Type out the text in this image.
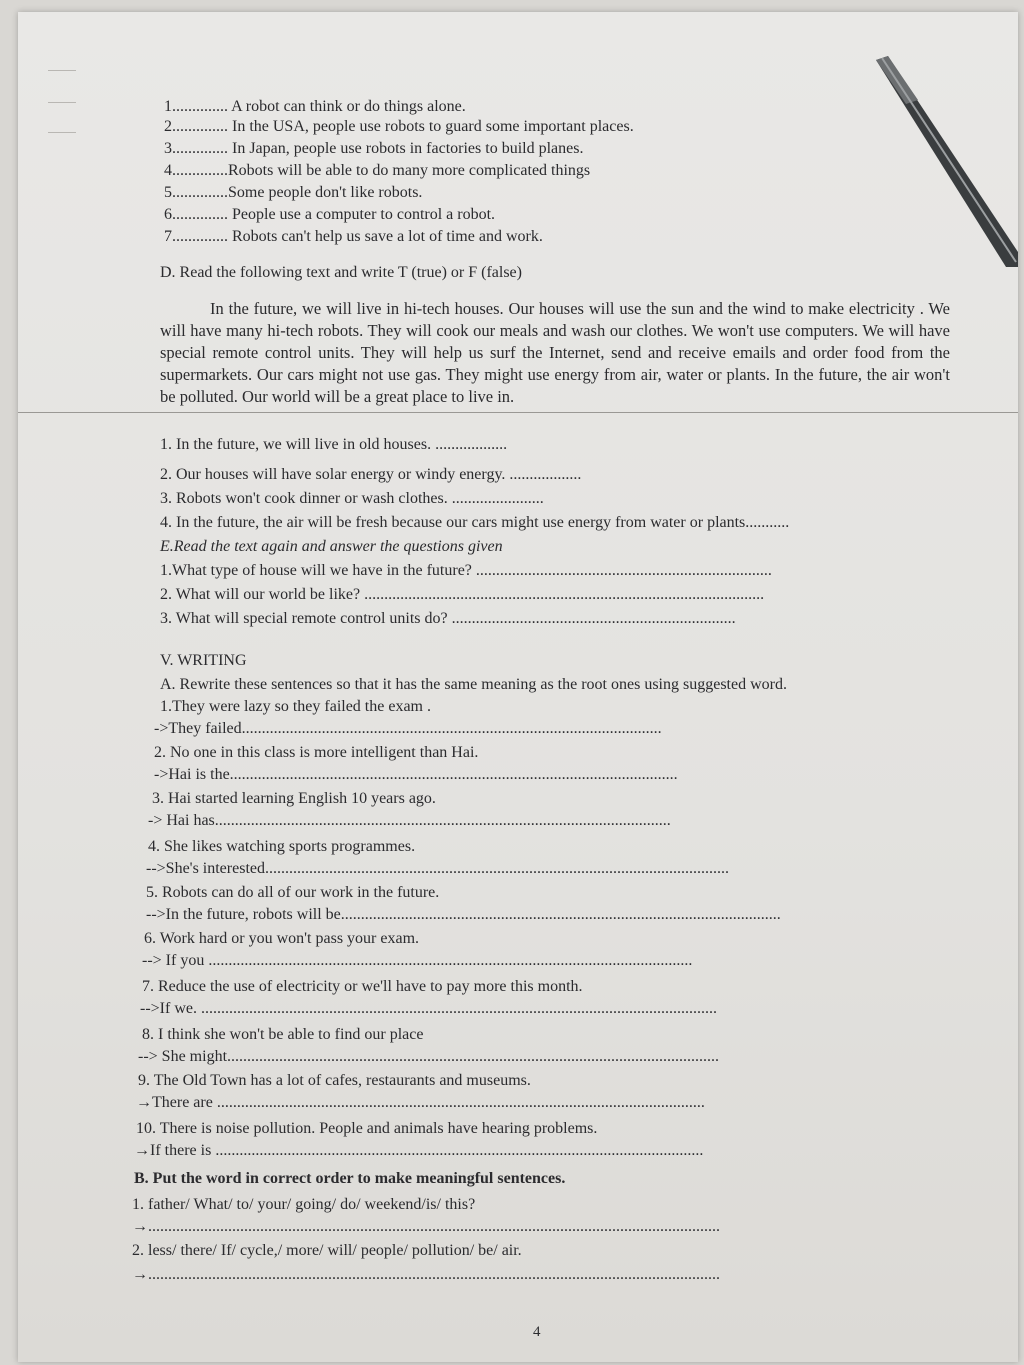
1.............. A robot can think or do things alone.
2.............. In the USA, people use robots to guard some important places.
3.............. In Japan, people use robots in factories to build planes.
4..............Robots will be able to do many more complicated things
5..............Some people don't like robots.
6.............. People use a computer to control a robot.
7.............. Robots can't help us save a lot of time and work.
D. Read the following text and write T (true) or F (false)
In the future, we will live in hi-tech houses. Our houses will use the sun and the wind to make electricity . We will have many hi-tech robots. They will cook our meals and wash our clothes. We won't use computers. We will have special remote control units. They will help us surf the Internet, send and receive emails and order food from the supermarkets. Our cars might not use gas. They might use energy from air, water or plants. In the future, the air won't be polluted. Our world will be a great place to live in.
1. In the future, we will live in old houses. ..................
2. Our houses will have solar energy or windy energy. ..................
3. Robots won't cook dinner or wash clothes. .......................
4. In the future, the air will be fresh because our cars might use energy from water or plants...........
E.Read the text again and answer the questions given
1.What type of house will we have in the future? ..........................................................................
2. What will our world be like? ....................................................................................................
3. What will special remote control units do? .......................................................................
V. WRITING
A. Rewrite these sentences so that it has the same meaning as the root ones using suggested word.
1.They were lazy so they failed the exam .
->They failed.........................................................................................................
2. No one in this class is more intelligent than Hai.
->Hai is the................................................................................................................
3. Hai started learning English 10 years ago.
-> Hai has..................................................................................................................
4. She likes watching sports programmes.
-->She's interested....................................................................................................................
5. Robots can do all of our work in the future.
-->In the future, robots will be..............................................................................................................
6. Work hard or you won't pass your exam.
--> If you .........................................................................................................................
7. Reduce the use of electricity or we'll have to pay more this month.
-->If we. .................................................................................................................................
8. I think she won't be able to find our place
--> She might...........................................................................................................................
9. The Old Town has a lot of cafes, restaurants and museums.
→There are ..........................................................................................................................
10. There is noise pollution. People and animals have hearing problems.
→If there is ..........................................................................................................................
B. Put the word in correct order to make meaningful sentences.
1. father/ What/ to/ your/ going/ do/ weekend/is/ this?
→...............................................................................................................................................
2. less/ there/ If/ cycle,/ more/ will/ people/ pollution/ be/ air.
→...............................................................................................................................................
4
